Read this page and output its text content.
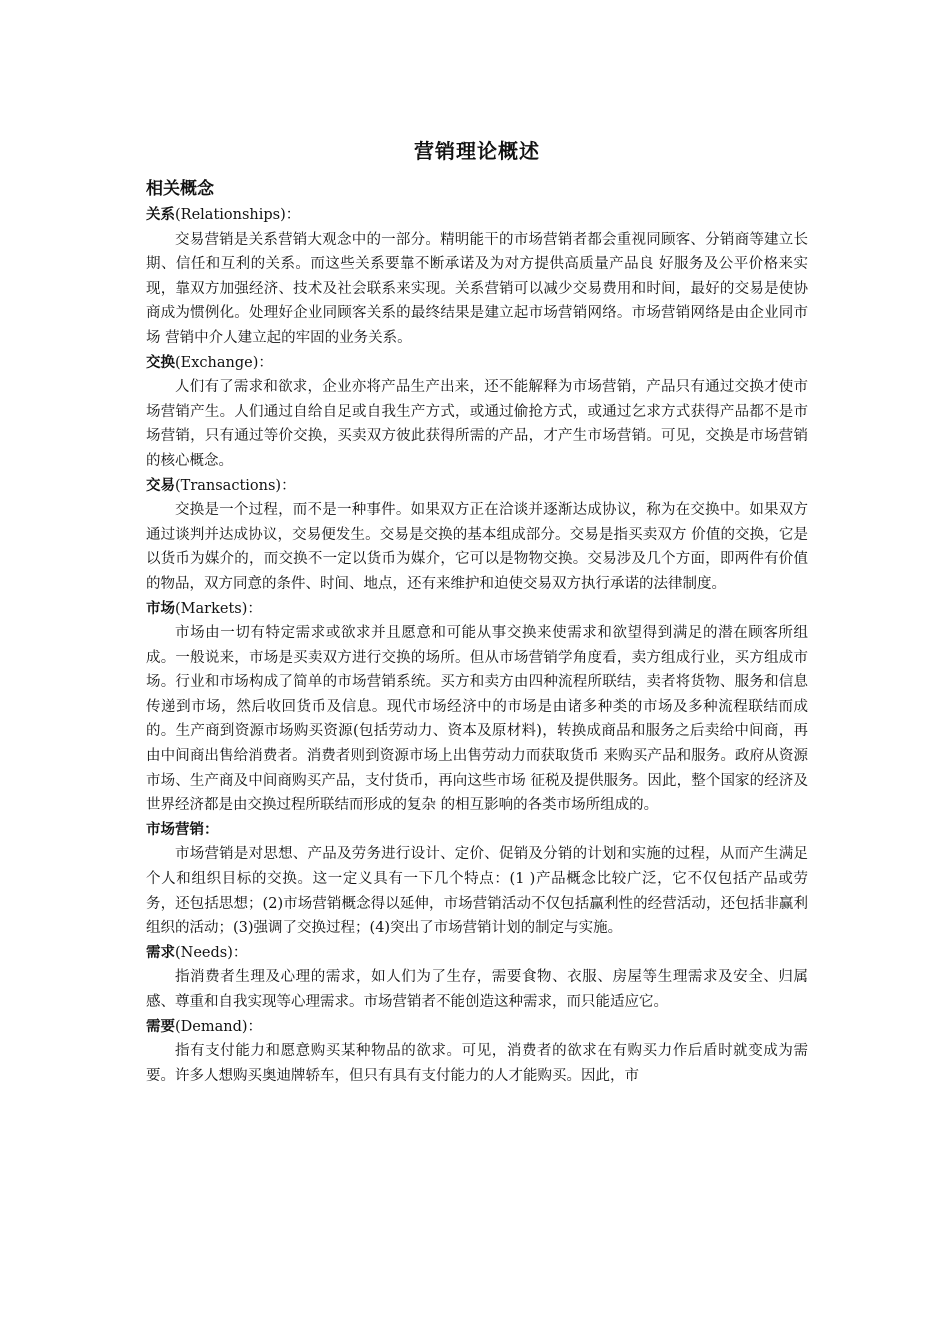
营销理论概述
相关概念

关系(Relationships)：

交易营销是关系营销大观念中的一部分。精明能干的市场营销者都会重视同顾客、分销商等建立长期、信任和互利的关系。而这些关系要靠不断承诺及为对方提供高质量产品良 好服务及公平价格来实现，靠双方加强经济、技术及社会联系来实现。关系营销可以减少交易费用和时间，最好的交易是使协商成为惯例化。处理好企业同顾客关系的最终结果是建立起市场营销网络。市场营销网络是由企业同市场 营销中介人建立起的牢固的业务关系。

交换(Exchange)：

人们有了需求和欲求，企业亦将产品生产出来，还不能解释为市场营销，产品只有通过交换才使市场营销产生。人们通过自给自足或自我生产方式，或通过偷抢方式，或通过乞求方式获得产品都不是市场营销，只有通过等价交换，买卖双方彼此获得所需的产品，才产生市场营销。可见，交换是市场营销的核心概念。

交易(Transactions)：

交换是一个过程，而不是一种事件。如果双方正在洽谈并逐渐达成协议，称为在交换中。如果双方通过谈判并达成协议，交易便发生。交易是交换的基本组成部分。交易是指买卖双方 价值的交换，它是以货币为媒介的，而交换不一定以货币为媒介，它可以是物物交换。交易涉及几个方面，即两件有价值的物品，双方同意的条件、时间、地点，还有来维护和迫使交易双方执行承诺的法律制度。

市场(Markets)：

市场由一切有特定需求或欲求并且愿意和可能从事交换来使需求和欲望得到满足的潜在顾客所组成。一般说来，市场是买卖双方进行交换的场所。但从市场营销学角度看，卖方组成行业，买方组成市场。行业和市场构成了简单的市场营销系统。买方和卖方由四种流程所联结，卖者将货物、服务和信息传递到市场，然后收回货币及信息。现代市场经济中的市场是由诸多种类的市场及多种流程联结而成的。生产商到资源市场购买资源(包括劳动力、资本及原材料)，转换成商品和服务之后卖给中间商，再由中间商出售给消费者。消费者则到资源市场上出售劳动力而获取货币 来购买产品和服务。政府从资源市场、生产商及中间商购买产品，支付货币，再向这些市场 征税及提供服务。因此，整个国家的经济及世界经济都是由交换过程所联结而形成的复杂 的相互影响的各类市场所组成的。

市场营销：

市场营销是对思想、产品及劳务进行设计、定价、促销及分销的计划和实施的过程，从而产生满足个人和组织目标的交换。这一定义具有一下几个特点：(1 )产品概念比较广泛，它不仅包括产品或劳务，还包括思想；(2)市场营销概念得以延伸，市场营销活动不仅包括赢利性的经营活动，还包括非赢利组织的活动；(3)强调了交换过程；(4)突出了市场营销计划的制定与实施。

需求(Needs)：

指消费者生理及心理的需求，如人们为了生存，需要食物、衣服、房屋等生理需求及安全、归属感、尊重和自我实现等心理需求。市场营销者不能创造这种需求，而只能适应它。

需要(Demand)：

指有支付能力和愿意购买某种物品的欲求。可见，消费者的欲求在有购买力作后盾时就变成为需要。许多人想购买奥迪牌轿车，但只有具有支付能力的人才能购买。因此，市
